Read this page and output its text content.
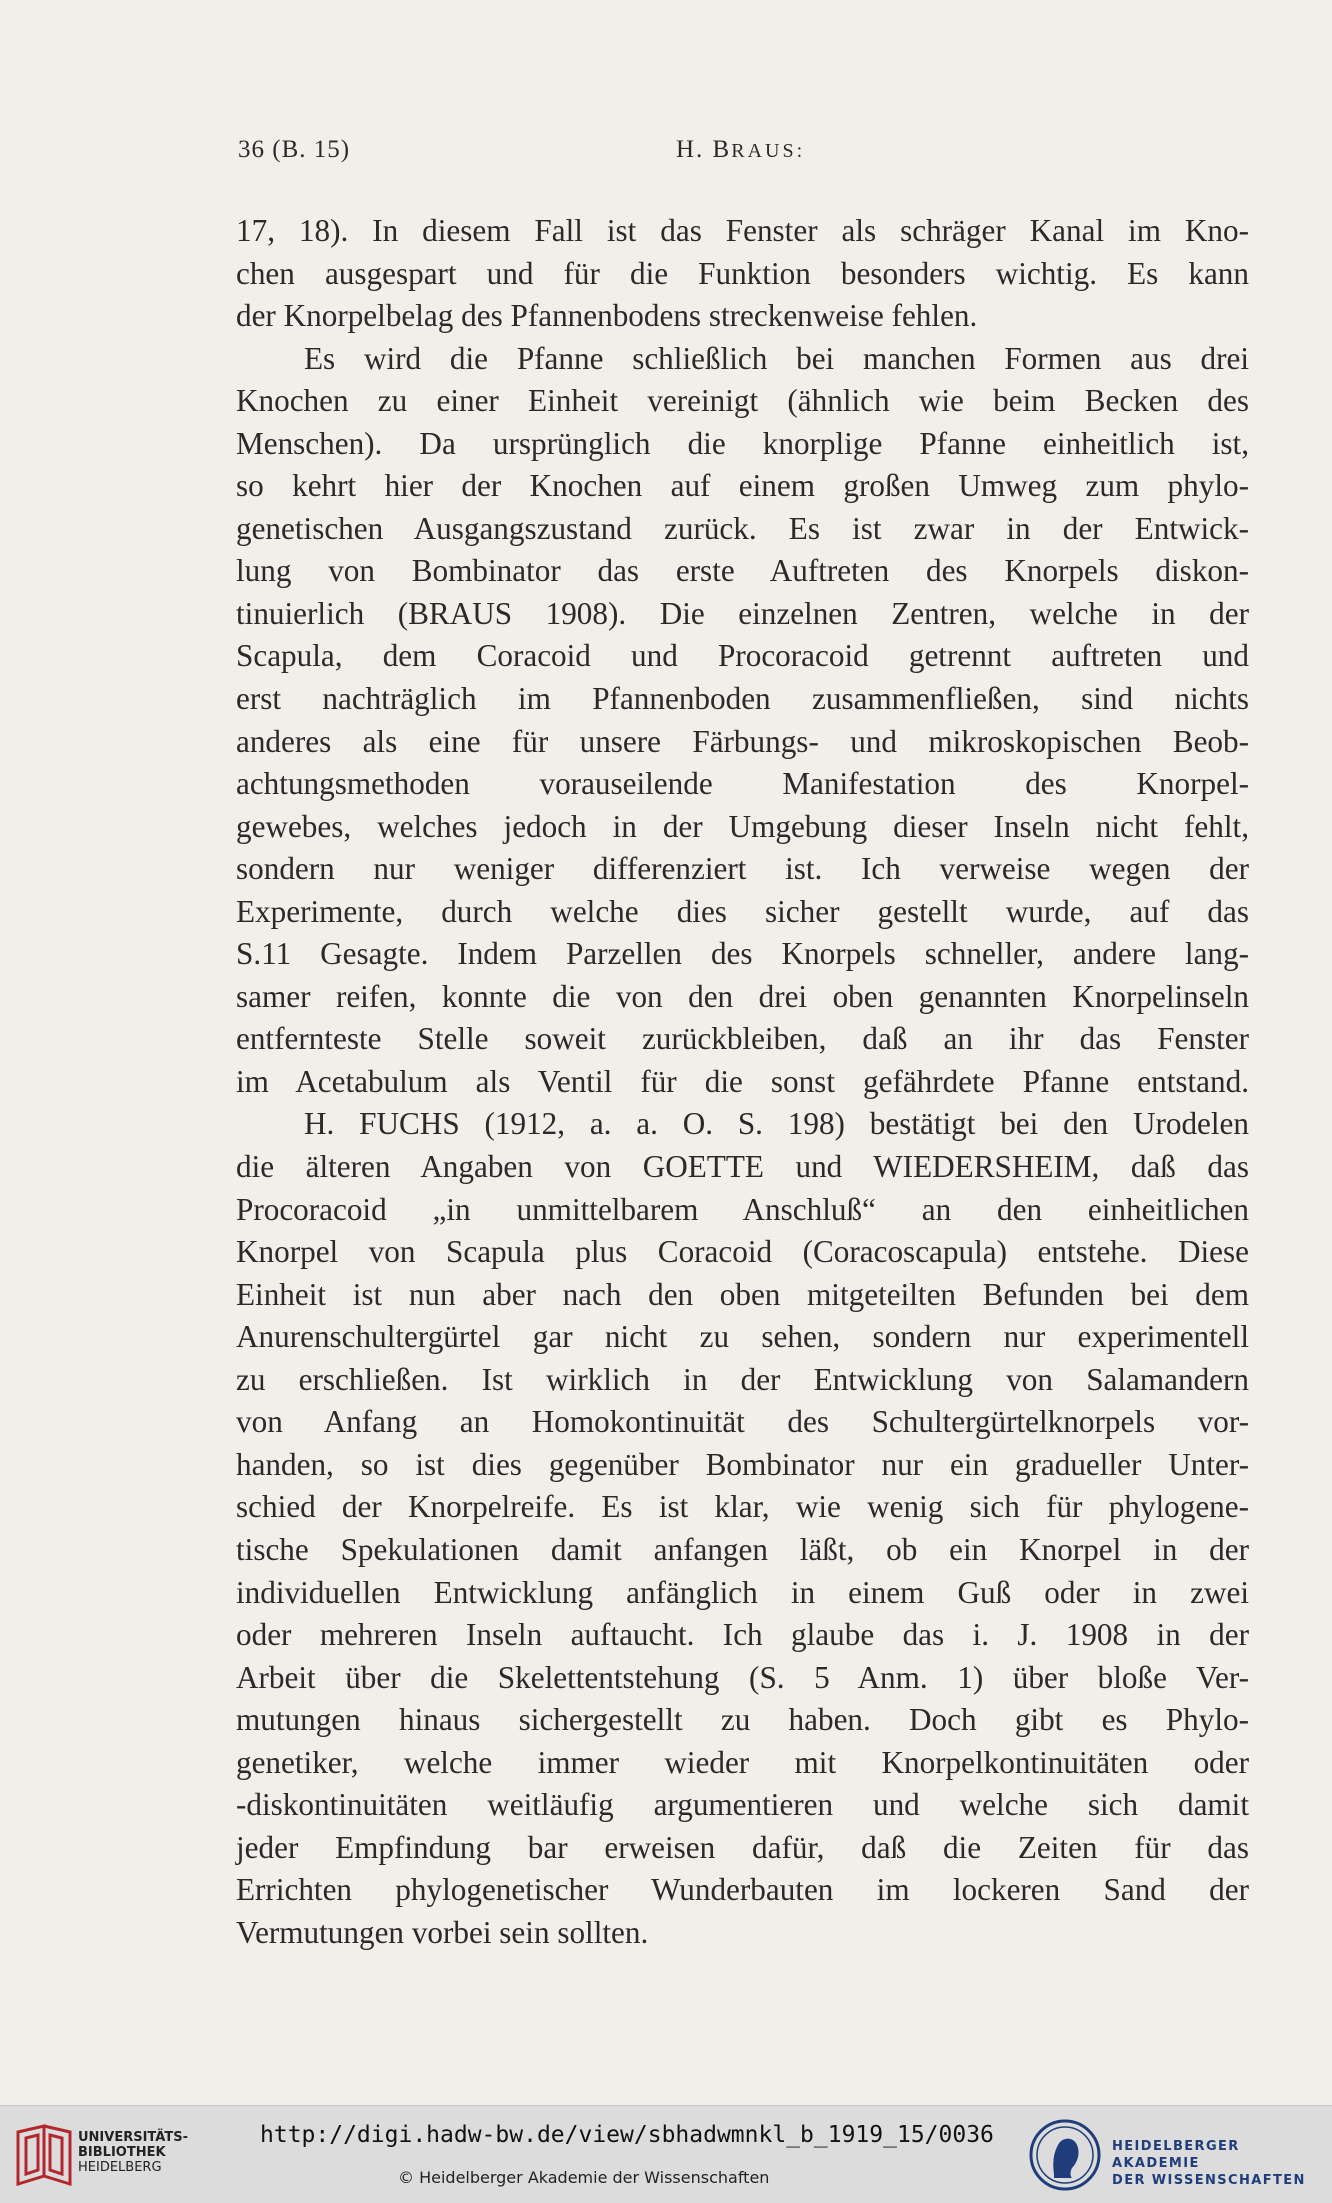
36 (B. 15)	H. BRAUS:
17, 18). In diesem Fall ist das Fenster als schräger Kanal im Kno-
chen ausgespart und für die Funktion besonders wichtig. Es kann
der Knorpelbelag des Pfannenbodens streckenweise fehlen.
Es wird die Pfanne schließlich bei manchen Formen aus drei
Knochen zu einer Einheit vereinigt (ähnlich wie beim Becken des
Menschen). Da ursprünglich die knorplige Pfanne einheitlich ist,
so kehrt hier der Knochen auf einem großen Umweg zum phylo-
genetischen Ausgangszustand zurück. Es ist zwar in der Entwick-
lung von Bombinator das erste Auftreten des Knorpels diskon-
tinuierlich (BRAUS 1908). Die einzelnen Zentren, welche in der
Scapula, dem Coracoid und Procoracoid getrennt auftreten und
erst nachträglich im Pfannenboden zusammenfließen, sind nichts
anderes als eine für unsere Färbungs- und mikroskopischen Beob-
achtungsmethoden vorauseilende Manifestation des Knorpel-
gewebes, welches jedoch in der Umgebung dieser Inseln nicht fehlt,
sondern nur weniger differenziert ist. Ich verweise wegen der
Experimente, durch welche dies sicher gestellt wurde, auf das
S.11 Gesagte. Indem Parzellen des Knorpels schneller, andere lang-
samer reifen, konnte die von den drei oben genannten Knorpelinseln
entfernteste Stelle soweit zurückbleiben, daß an ihr das Fenster
im Acetabulum als Ventil für die sonst gefährdete Pfanne entstand.
H. FUCHS (1912, a. a. O. S. 198) bestätigt bei den Urodelen
die älteren Angaben von GOETTE und WIEDERSHEIM, daß das
Procoracoid „in unmittelbarem Anschluß“ an den einheitlichen
Knorpel von Scapula plus Coracoid (Coracoscapula) entstehe. Diese
Einheit ist nun aber nach den oben mitgeteilten Befunden bei dem
Anurenschultergürtel gar nicht zu sehen, sondern nur experimentell
zu erschließen. Ist wirklich in der Entwicklung von Salamandern
von Anfang an Homokontinuität des Schultergürtelknorpels vor-
handen, so ist dies gegenüber Bombinator nur ein gradueller Unter-
schied der Knorpelreife. Es ist klar, wie wenig sich für phylogene-
tische Spekulationen damit anfangen läßt, ob ein Knorpel in der
individuellen Entwicklung anfänglich in einem Guß oder in zwei
oder mehreren Inseln auftaucht. Ich glaube das i. J. 1908 in der
Arbeit über die Skelettentstehung (S. 5 Anm. 1) über bloße Ver-
mutungen hinaus sichergestellt zu haben. Doch gibt es Phylo-
genetiker, welche immer wieder mit Knorpelkontinuitäten oder
-diskontinuitäten weitläufig argumentieren und welche sich damit
jeder Empfindung bar erweisen dafür, daß die Zeiten für das
Errichten phylogenetischer Wunderbauten im lockeren Sand der
Vermutungen vorbei sein sollten.
UNIVERSITÄTS-
BIBLIOTHEK
HEIDELBERG
http://digi.hadw-bw.de/view/sbhadwmnkl_b_1919_15/0036
© Heidelberger Akademie der Wissenschaften
HEIDELBERGER AKADEMIE
DER WISSENSCHAFTEN
